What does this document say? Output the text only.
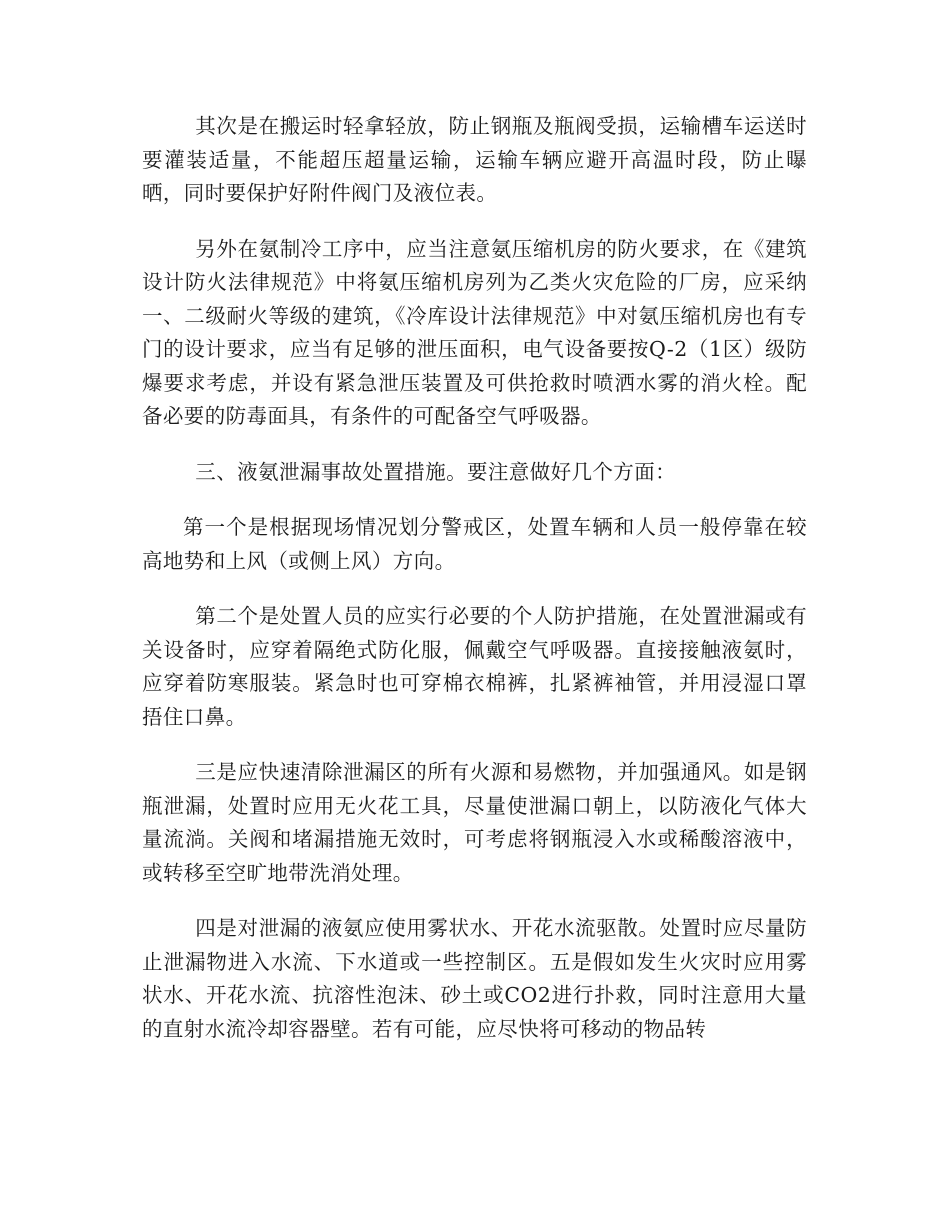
其次是在搬运时轻拿轻放，防止钢瓶及瓶阀受损，运输槽车运送时要灌装适量，不能超压超量运输，运输车辆应避开高温时段，防止曝晒，同时要保护好附件阀门及液位表。

另外在氨制冷工序中，应当注意氨压缩机房的防火要求，在《建筑设计防火法律规范》中将氨压缩机房列为乙类火灾危险的厂房，应采纳一、二级耐火等级的建筑，《冷库设计法律规范》中对氨压缩机房也有专门的设计要求，应当有足够的泄压面积，电气设备要按Q-2（1区）级防爆要求考虑，并设有紧急泄压装置及可供抢救时喷洒水雾的消火栓。配备必要的防毒面具，有条件的可配备空气呼吸器。

三、液氨泄漏事故处置措施。要注意做好几个方面：

第一个是根据现场情况划分警戒区，处置车辆和人员一般停靠在较高地势和上风（或侧上风）方向。

第二个是处置人员的应实行必要的个人防护措施，在处置泄漏或有关设备时，应穿着隔绝式防化服，佩戴空气呼吸器。直接接触液氨时，应穿着防寒服装。紧急时也可穿棉衣棉裤，扎紧裤袖管，并用浸湿口罩捂住口鼻。

三是应快速清除泄漏区的所有火源和易燃物，并加强通风。如是钢瓶泄漏，处置时应用无火花工具，尽量使泄漏口朝上，以防液化气体大量流淌。关阀和堵漏措施无效时，可考虑将钢瓶浸入水或稀酸溶液中，或转移至空旷地带洗消处理。

四是对泄漏的液氨应使用雾状水、开花水流驱散。处置时应尽量防止泄漏物进入水流、下水道或一些控制区。五是假如发生火灾时应用雾状水、开花水流、抗溶性泡沫、砂土或CO2进行扑救，同时注意用大量的直射水流冷却容器壁。若有可能，应尽快将可移动的物品转
